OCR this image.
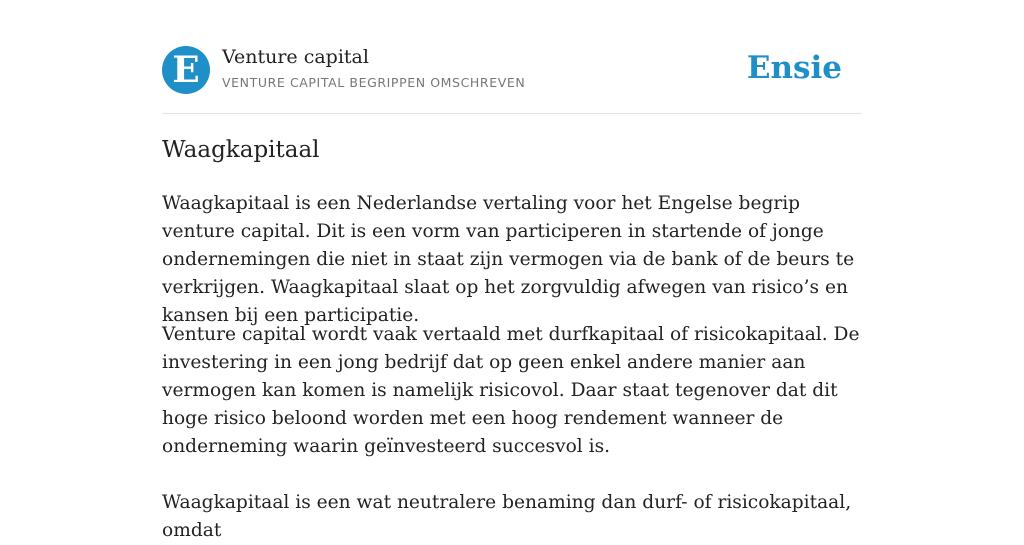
E Venture capital
VENTURE CAPITAL BEGRIPPEN OMSCHREVEN	Ensie
Waagkapitaal

Waagkapitaal is een Nederlandse vertaling voor het Engelse begrip venture capital. Dit is een vorm van participeren in startende of jonge ondernemingen die niet in staat zijn vermogen via de bank of de beurs te verkrijgen. Waagkapitaal slaat op het zorgvuldig afwegen van risico’s en kansen bij een participatie.

Venture capital wordt vaak vertaald met durfkapitaal of risicokapitaal. De investering in een jong bedrijf dat op geen enkel andere manier aan vermogen kan komen is namelijk risicovol. Daar staat tegenover dat dit hoge risico beloond worden met een hoog rendement wanneer de onderneming waarin geïnvesteerd succesvol is.

Waagkapitaal is een wat neutralere benaming dan durf- of risicokapitaal, omdat
